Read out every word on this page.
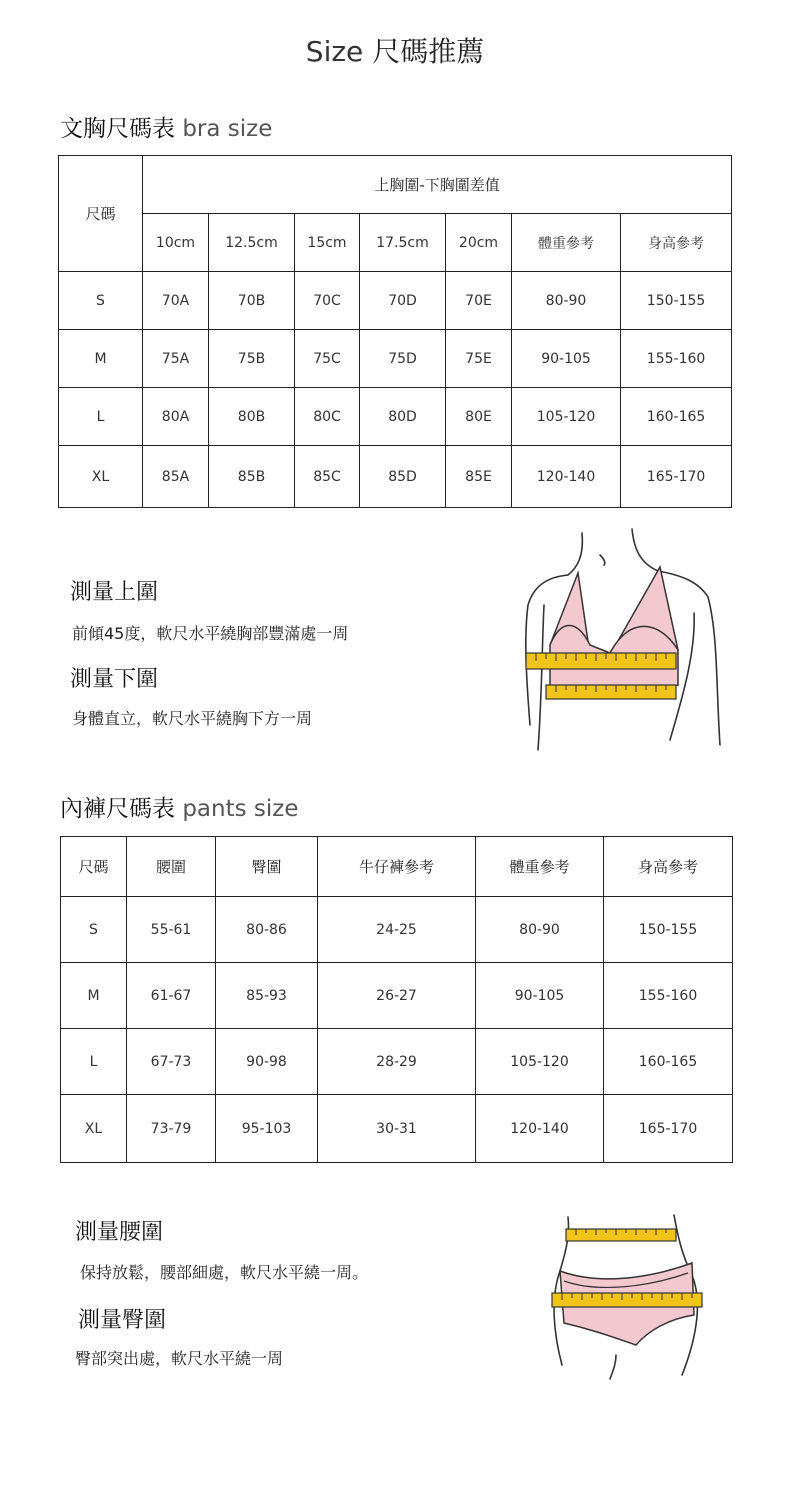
Size 尺碼推薦
文胸尺碼表 bra size
尺碼	上胸圍-下胸圍差值						
	10cm	12.5cm	15cm	17.5cm	20cm	體重參考	身高參考
S	70A	70B	70C	70D	70E	80-90	150-155
M	75A	75B	75C	75D	75E	90-105	155-160
L	80A	80B	80C	80D	80E	105-120	160-165
XL	85A	85B	85C	85D	85E	120-140	165-170
測量上圍
前傾45度，軟尺水平繞胸部豐滿處一周
測量下圍
身體直立，軟尺水平繞胸下方一周
內褲尺碼表 pants size
尺碼	腰圍	臀圍	牛仔褲參考	體重參考	身高參考
S	55-61	80-86	24-25	80-90	150-155
M	61-67	85-93	26-27	90-105	155-160
L	67-73	90-98	28-29	105-120	160-165
XL	73-79	95-103	30-31	120-140	165-170
測量腰圍
保持放鬆，腰部細處，軟尺水平繞一周。
測量臀圍
臀部突出處，軟尺水平繞一周
